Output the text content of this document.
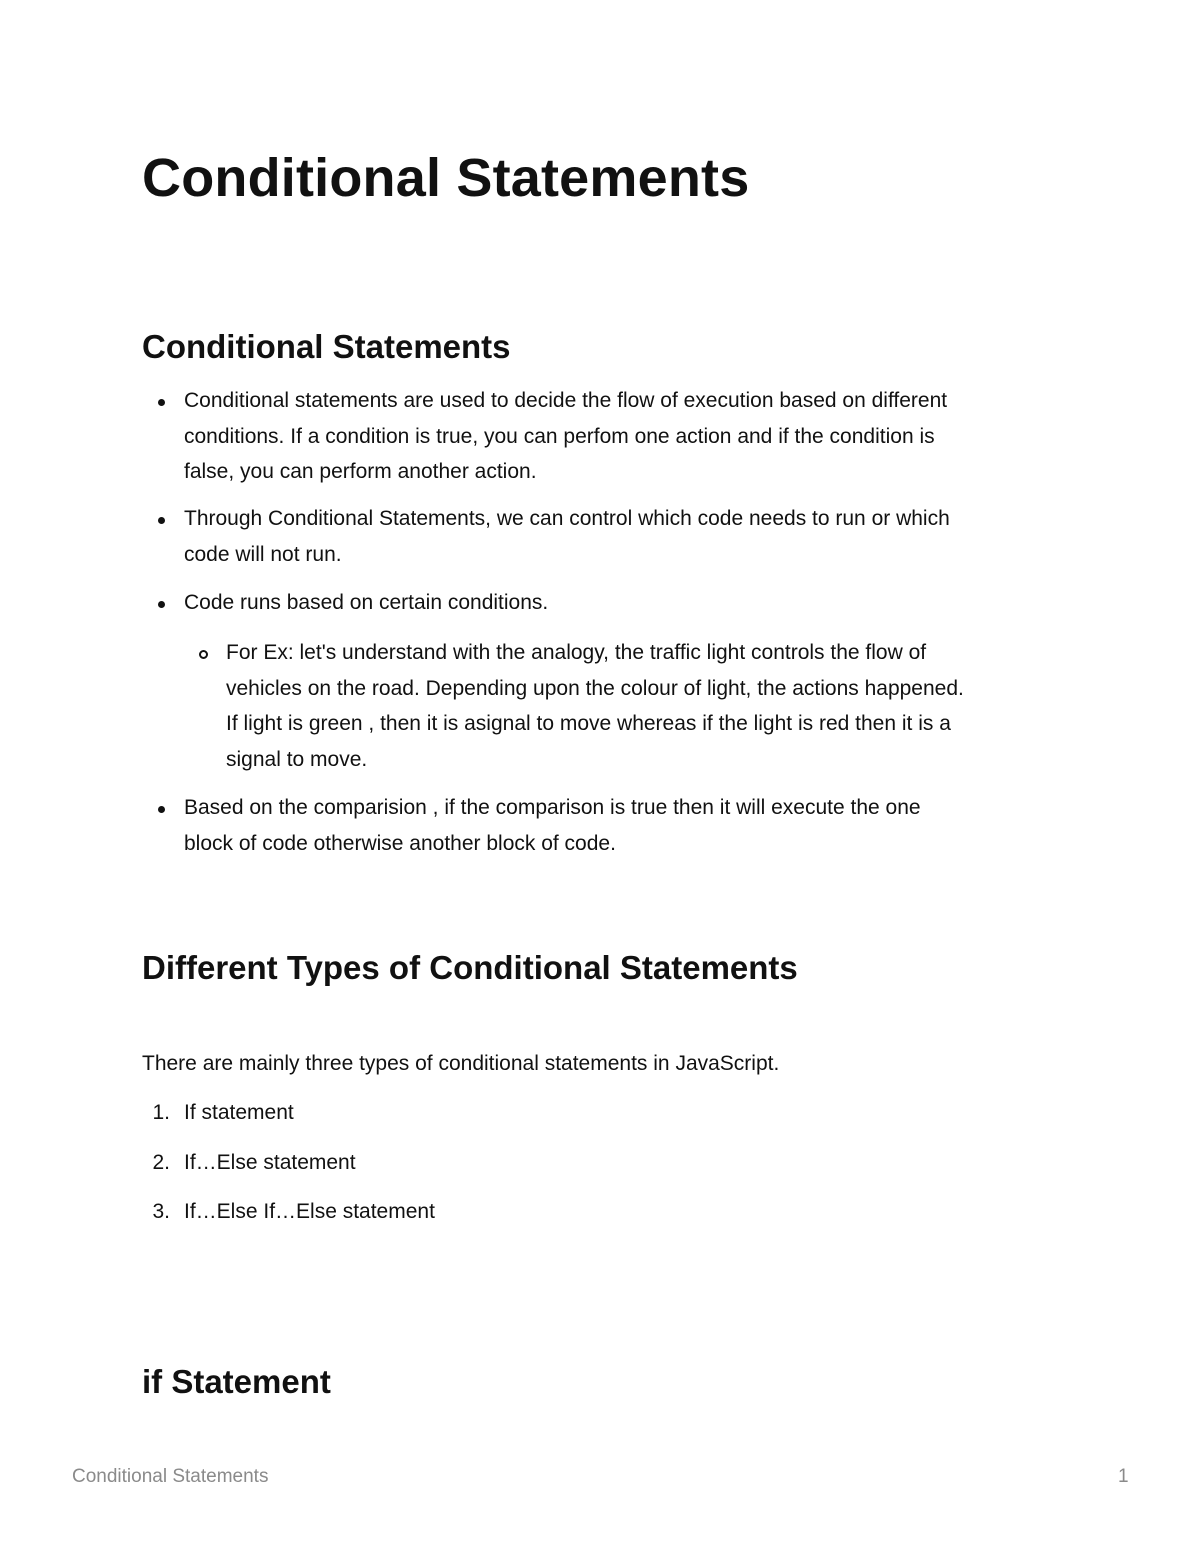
Conditional Statements
Conditional Statements
Conditional statements are used to decide the flow of execution based on different
conditions. If a condition is true, you can perfom one action and if the condition is
false, you can perform another action.
Through Conditional Statements, we can control which code needs to run or which
code will not run.
Code runs based on certain conditions.
For Ex: let's understand with the analogy, the traffic light controls the flow of
vehicles on the road. Depending upon the colour of light, the actions happened.
If light is green , then it is asignal to move whereas if the light is red then it is a
signal to move.
Based on the comparision , if the comparison is true then it will execute the one
block of code otherwise another block of code.
Different Types of Conditional Statements

There are mainly three types of conditional statements in JavaScript.

1. If statement
2. If…Else statement
3. If…Else If…Else statement
if Statement
Conditional Statements	1
